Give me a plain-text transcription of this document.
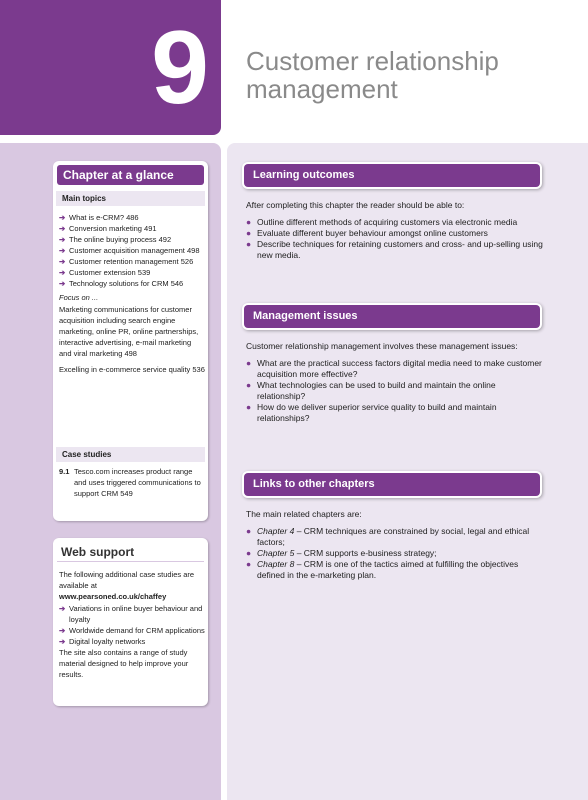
9	Customer relationship management
Chapter at a glance
Main topics
➔ What is e-CRM? 486
➔ Conversion marketing 491
➔ The online buying process 492
➔ Customer acquisition management 498
➔ Customer retention management 526
➔ Customer extension 539
➔ Technology solutions for CRM 546

Focus on ...

Marketing communications for customer acquisition including search engine marketing, online PR, online partnerships, interactive advertising, e-mail marketing and viral marketing 498

Excelling in e-commerce service quality 536

Case studies
9.1 Tesco.com increases product range and uses triggered communications to support CRM 549
Web support

The following additional case studies are available at

www.pearsoned.co.uk/chaffey

➔ Variations in online buyer behaviour and loyalty
➔ Worldwide demand for CRM applications
➔ Digital loyalty networks

The site also contains a range of study material designed to help improve your results.

Learning outcomes

After completing this chapter the reader should be able to:

● Outline different methods of acquiring customers via electronic media
● Evaluate different buyer behaviour amongst online customers
● Describe techniques for retaining customers and cross- and up-selling using new media.
Management issues

Customer relationship management involves these management issues:

● What are the practical success factors digital media need to make customer acquisition more effective?
● What technologies can be used to build and maintain the online relationship?
● How do we deliver superior service quality to build and maintain relationships?
Links to other chapters

The main related chapters are:

● Chapter 4 – CRM techniques are constrained by social, legal and ethical factors;
● Chapter 5 – CRM supports e-business strategy;
● Chapter 8 – CRM is one of the tactics aimed at fulfilling the objectives defined in the e-marketing plan.
